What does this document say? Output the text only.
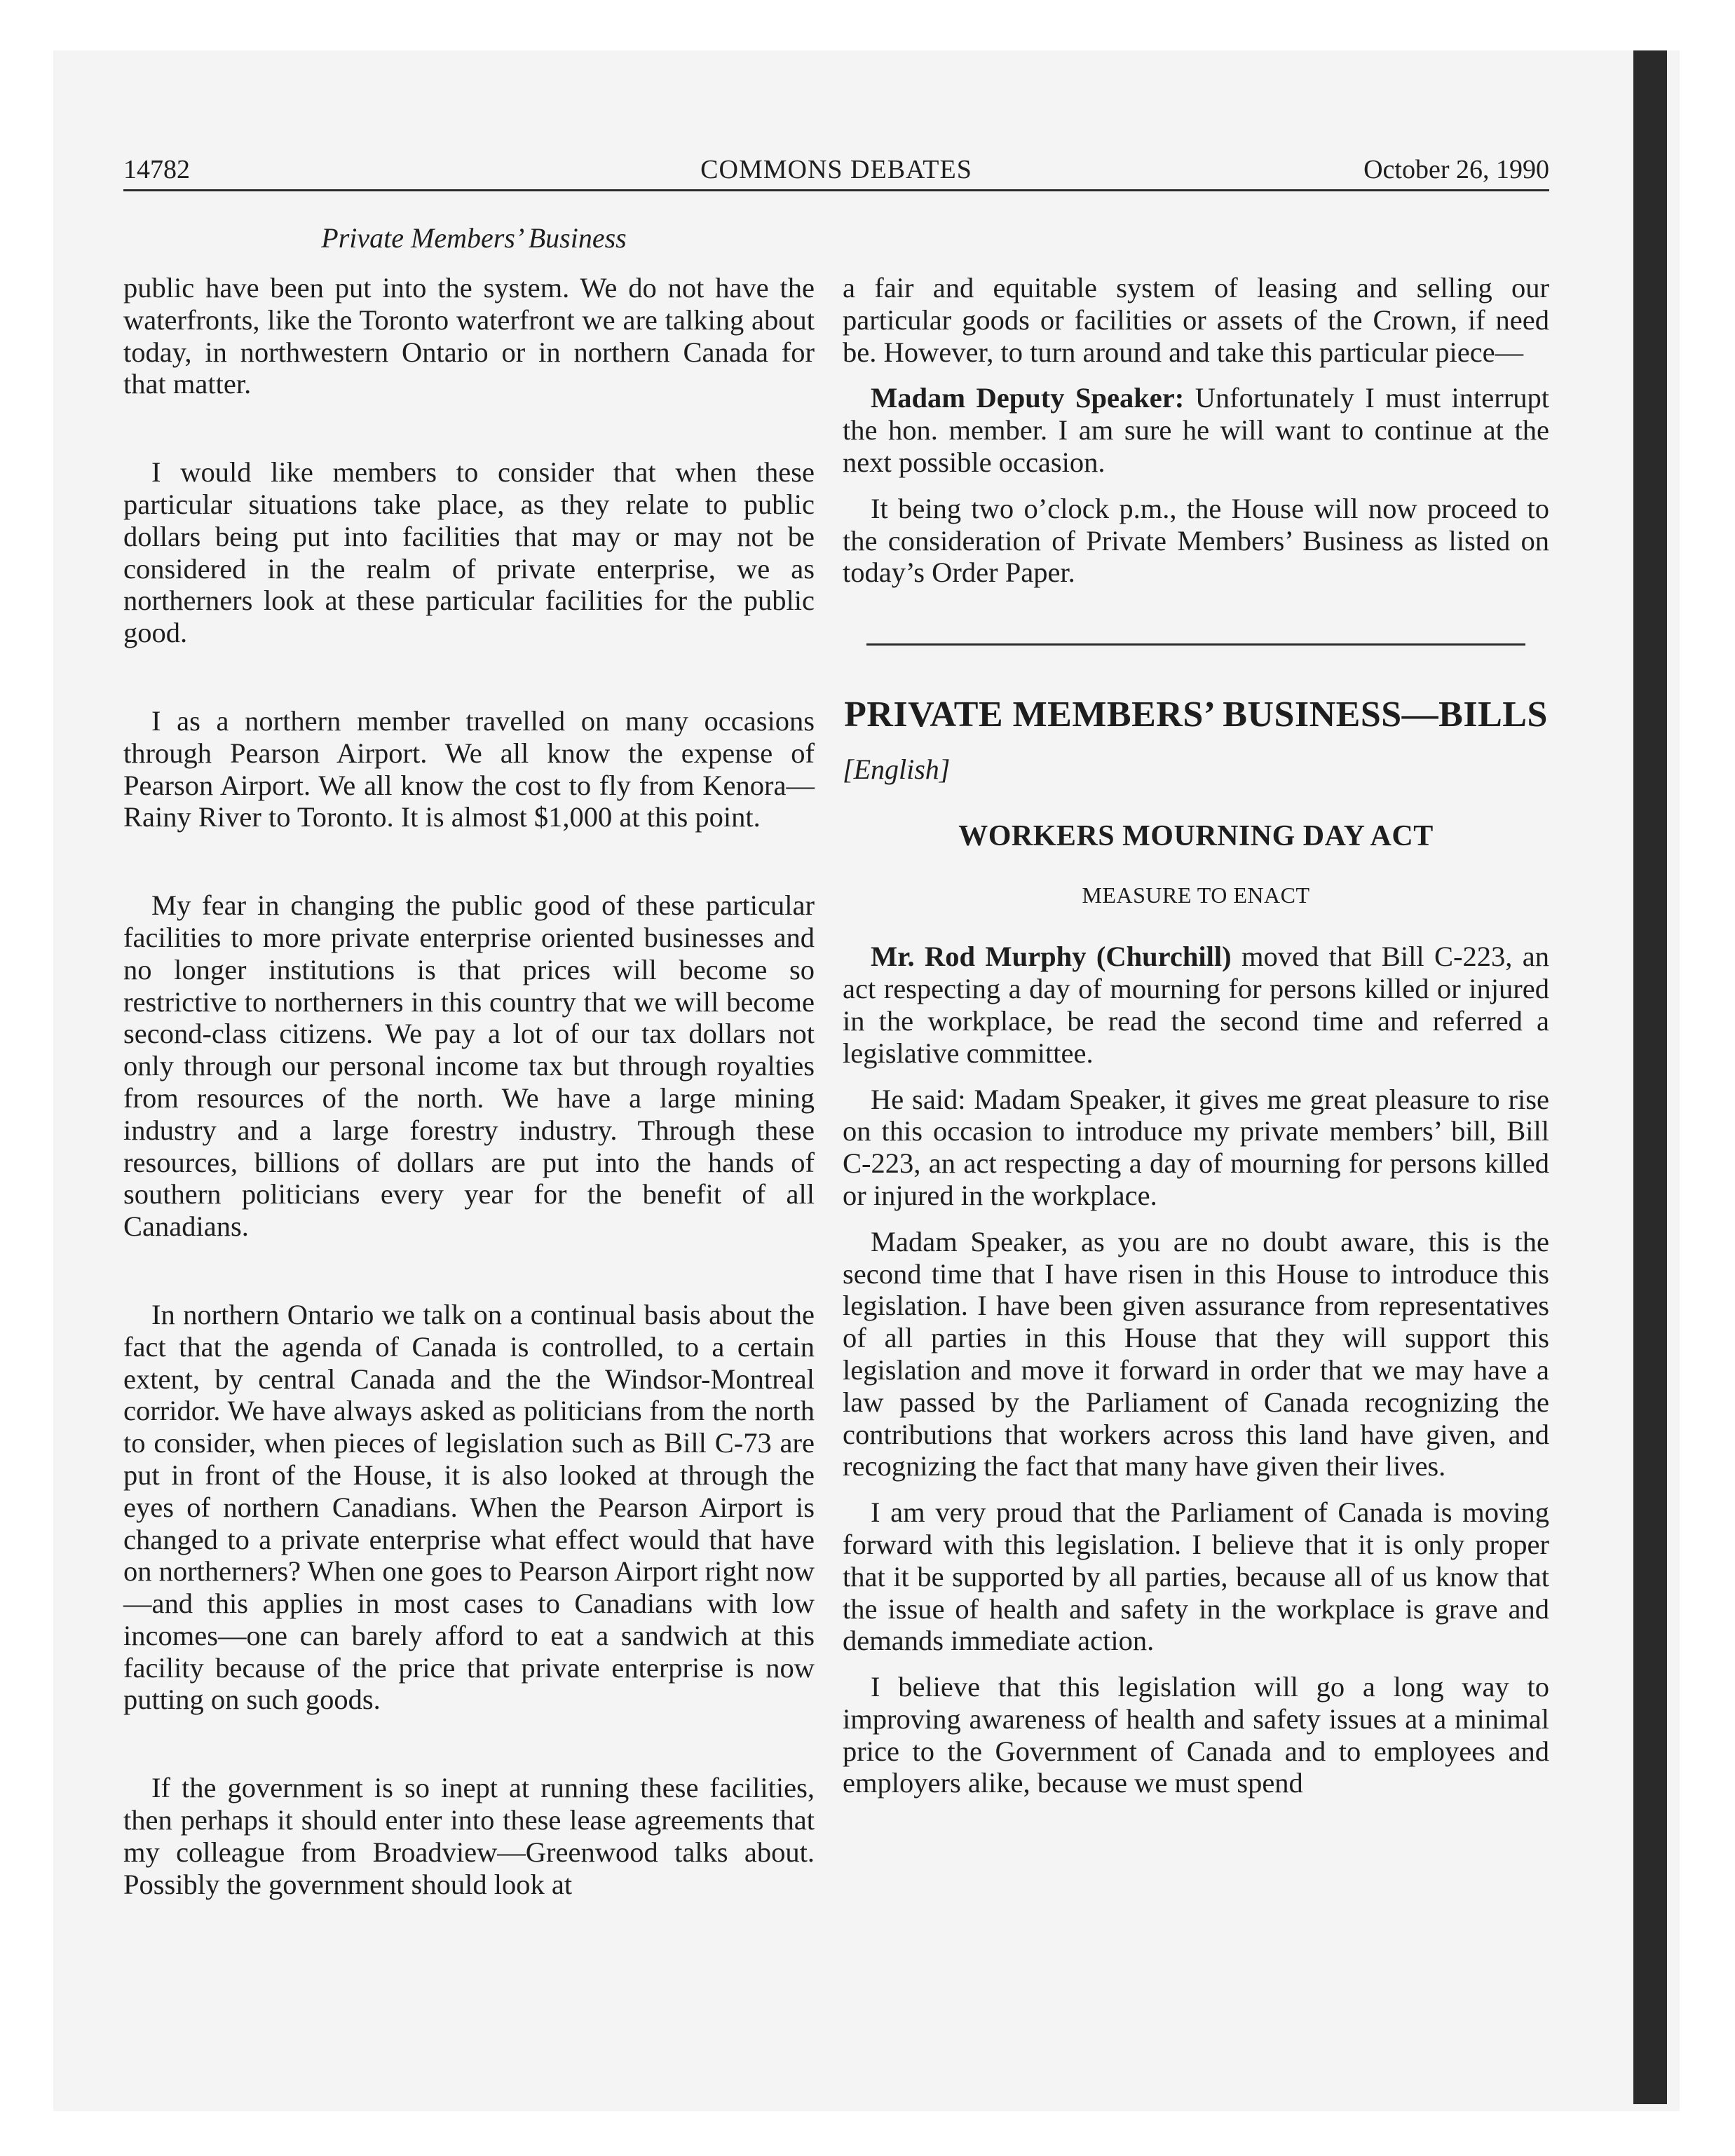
14782	COMMONS DEBATES	October 26, 1990
Private Members’ Business

public have been put into the system. We do not have the waterfronts, like the Toronto waterfront we are talking about today, in northwestern Ontario or in northern Canada for that matter.

I would like members to consider that when these particular situations take place, as they relate to public dollars being put into facilities that may or may not be considered in the realm of private enterprise, we as northerners look at these particular facilities for the public good.

I as a northern member travelled on many occasions through Pearson Airport. We all know the expense of Pearson Airport. We all know the cost to fly from Kenora—Rainy River to Toronto. It is almost $1,000 at this point.

My fear in changing the public good of these particular facilities to more private enterprise oriented businesses and no longer institutions is that prices will become so restrictive to northerners in this country that we will become second-class citizens. We pay a lot of our tax dollars not only through our personal income tax but through royalties from resources of the north. We have a large mining industry and a large forestry industry. Through these resources, billions of dollars are put into the hands of southern politicians every year for the benefit of all Canadians.

In northern Ontario we talk on a continual basis about the fact that the agenda of Canada is controlled, to a certain extent, by central Canada and the the Windsor-Montreal corridor. We have always asked as politicians from the north to consider, when pieces of legislation such as Bill C-73 are put in front of the House, it is also looked at through the eyes of northern Canadians. When the Pearson Airport is changed to a private enterprise what effect would that have on northerners? When one goes to Pearson Airport right now—and this applies in most cases to Canadians with low incomes—one can barely afford to eat a sandwich at this facility because of the price that private enterprise is now putting on such goods.

If the government is so inept at running these facilities, then perhaps it should enter into these lease agreements that my colleague from Broadview—Greenwood talks about. Possibly the government should look at

a fair and equitable system of leasing and selling our particular goods or facilities or assets of the Crown, if need be. However, to turn around and take this particular piece—

Madam Deputy Speaker: Unfortunately I must interrupt the hon. member. I am sure he will want to continue at the next possible occasion.

It being two o’clock p.m., the House will now proceed to the consideration of Private Members’ Business as listed on today’s Order Paper.

PRIVATE MEMBERS’ BUSINESS—BILLS
[English]
WORKERS MOURNING DAY ACT
MEASURE TO ENACT

Mr. Rod Murphy (Churchill) moved that Bill C-223, an act respecting a day of mourning for persons killed or injured in the workplace, be read the second time and referred a legislative committee.

He said: Madam Speaker, it gives me great pleasure to rise on this occasion to introduce my private members’ bill, Bill C-223, an act respecting a day of mourning for persons killed or injured in the workplace.

Madam Speaker, as you are no doubt aware, this is the second time that I have risen in this House to introduce this legislation. I have been given assurance from representatives of all parties in this House that they will support this legislation and move it forward in order that we may have a law passed by the Parliament of Canada recognizing the contributions that workers across this land have given, and recognizing the fact that many have given their lives.

I am very proud that the Parliament of Canada is moving forward with this legislation. I believe that it is only proper that it be supported by all parties, because all of us know that the issue of health and safety in the workplace is grave and demands immediate action.

I believe that this legislation will go a long way to improving awareness of health and safety issues at a minimal price to the Government of Canada and to employees and employers alike, because we must spend
